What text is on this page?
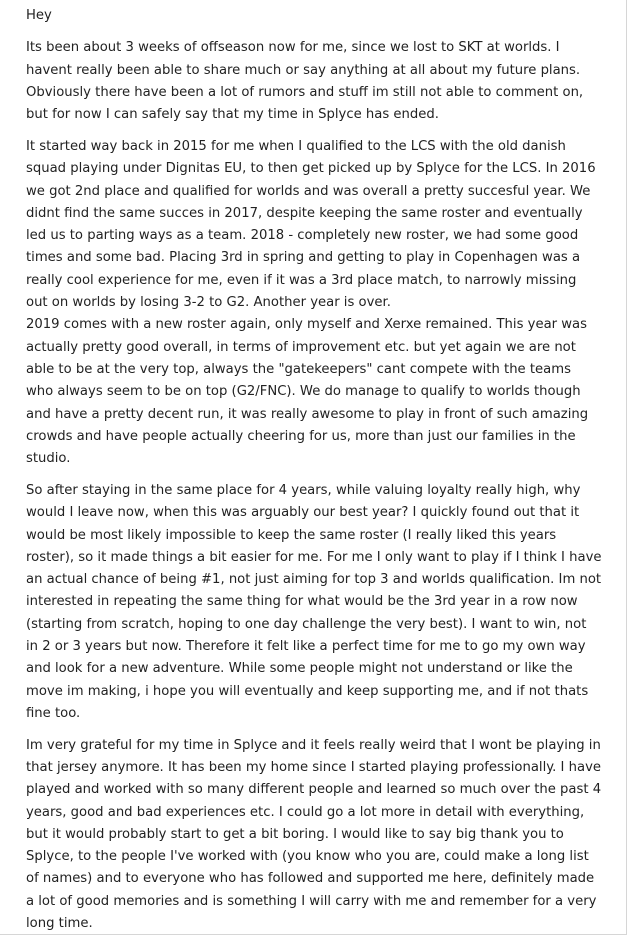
Hey

Its been about 3 weeks of offseason now for me, since we lost to SKT at worlds. I havent really been able to share much or say anything at all about my future plans. Obviously there have been a lot of rumors and stuff im still not able to comment on, but for now I can safely say that my time in Splyce has ended.

It started way back in 2015 for me when I qualified to the LCS with the old danish squad playing under Dignitas EU, to then get picked up by Splyce for the LCS. In 2016 we got 2nd place and qualified for worlds and was overall a pretty succesful year. We didnt find the same succes in 2017, despite keeping the same roster and eventually led us to parting ways as a team. 2018 - completely new roster, we had some good times and some bad. Placing 3rd in spring and getting to play in Copenhagen was a really cool experience for me, even if it was a 3rd place match, to narrowly missing out on worlds by losing 3-2 to G2. Another year is over.

2019 comes with a new roster again, only myself and Xerxe remained. This year was actually pretty good overall, in terms of improvement etc. but yet again we are not able to be at the very top, always the "gatekeepers" cant compete with the teams who always seem to be on top (G2/FNC). We do manage to qualify to worlds though and have a pretty decent run, it was really awesome to play in front of such amazing crowds and have people actually cheering for us, more than just our families in the studio.

So after staying in the same place for 4 years, while valuing loyalty really high, why would I leave now, when this was arguably our best year? I quickly found out that it would be most likely impossible to keep the same roster (I really liked this years roster), so it made things a bit easier for me. For me I only want to play if I think I have an actual chance of being #1, not just aiming for top 3 and worlds qualification. Im not interested in repeating the same thing for what would be the 3rd year in a row now (starting from scratch, hoping to one day challenge the very best). I want to win, not in 2 or 3 years but now. Therefore it felt like a perfect time for me to go my own way and look for a new adventure. While some people might not understand or like the move im making, i hope you will eventually and keep supporting me, and if not thats fine too.

Im very grateful for my time in Splyce and it feels really weird that I wont be playing in that jersey anymore. It has been my home since I started playing professionally. I have played and worked with so many different people and learned so much over the past 4 years, good and bad experiences etc. I could go a lot more in detail with everything, but it would probably start to get a bit boring. I would like to say big thank you to Splyce, to the people I've worked with (you know who you are, could make a long list of names) and to everyone who has followed and supported me here, definitely made a lot of good memories and is something I will carry with me and remember for a very long time.
